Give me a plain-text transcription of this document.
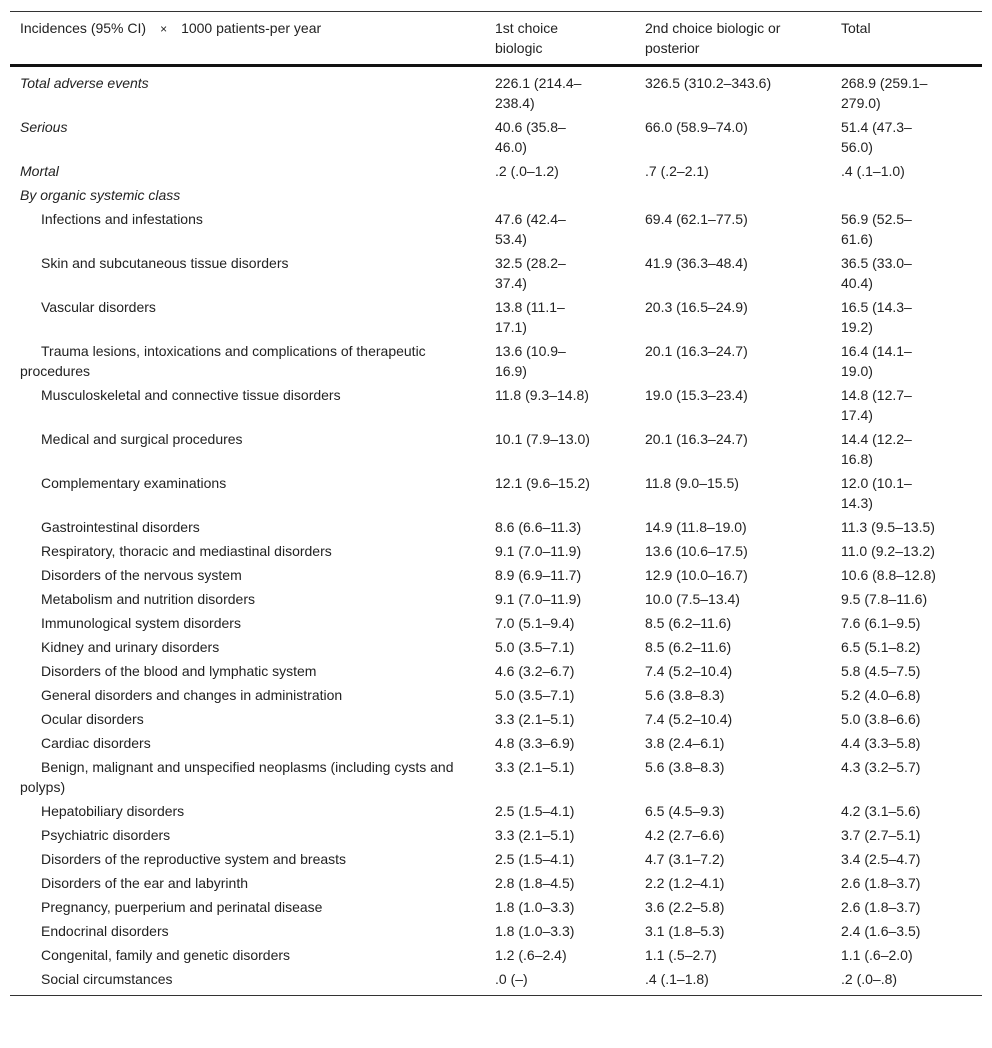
Incidences (95% CI) × 1000 patients-per year	1st choice biologic	2nd choice biologic or posterior	Total
Total adverse events	226.1 (214.4–238.4)	326.5 (310.2–343.6)	268.9 (259.1–279.0)
Serious	40.6 (35.8–46.0)	66.0 (58.9–74.0)	51.4 (47.3–56.0)
Mortal	.2 (.0–1.2)	.7 (.2–2.1)	.4 (.1–1.0)
By organic systemic class			
Infections and infestations	47.6 (42.4–53.4)	69.4 (62.1–77.5)	56.9 (52.5–61.6)
Skin and subcutaneous tissue disorders	32.5 (28.2–37.4)	41.9 (36.3–48.4)	36.5 (33.0–40.4)
Vascular disorders	13.8 (11.1–17.1)	20.3 (16.5–24.9)	16.5 (14.3–19.2)
Trauma lesions, intoxications and complications of therapeutic procedures	13.6 (10.9–16.9)	20.1 (16.3–24.7)	16.4 (14.1–19.0)
Musculoskeletal and connective tissue disorders	11.8 (9.3–14.8)	19.0 (15.3–23.4)	14.8 (12.7–17.4)
Medical and surgical procedures	10.1 (7.9–13.0)	20.1 (16.3–24.7)	14.4 (12.2–16.8)
Complementary examinations	12.1 (9.6–15.2)	11.8 (9.0–15.5)	12.0 (10.1–14.3)
Gastrointestinal disorders	8.6 (6.6–11.3)	14.9 (11.8–19.0)	11.3 (9.5–13.5)
Respiratory, thoracic and mediastinal disorders	9.1 (7.0–11.9)	13.6 (10.6–17.5)	11.0 (9.2–13.2)
Disorders of the nervous system	8.9 (6.9–11.7)	12.9 (10.0–16.7)	10.6 (8.8–12.8)
Metabolism and nutrition disorders	9.1 (7.0–11.9)	10.0 (7.5–13.4)	9.5 (7.8–11.6)
Immunological system disorders	7.0 (5.1–9.4)	8.5 (6.2–11.6)	7.6 (6.1–9.5)
Kidney and urinary disorders	5.0 (3.5–7.1)	8.5 (6.2–11.6)	6.5 (5.1–8.2)
Disorders of the blood and lymphatic system	4.6 (3.2–6.7)	7.4 (5.2–10.4)	5.8 (4.5–7.5)
General disorders and changes in administration	5.0 (3.5–7.1)	5.6 (3.8–8.3)	5.2 (4.0–6.8)
Ocular disorders	3.3 (2.1–5.1)	7.4 (5.2–10.4)	5.0 (3.8–6.6)
Cardiac disorders	4.8 (3.3–6.9)	3.8 (2.4–6.1)	4.4 (3.3–5.8)
Benign, malignant and unspecified neoplasms (including cysts and polyps)	3.3 (2.1–5.1)	5.6 (3.8–8.3)	4.3 (3.2–5.7)
Hepatobiliary disorders	2.5 (1.5–4.1)	6.5 (4.5–9.3)	4.2 (3.1–5.6)
Psychiatric disorders	3.3 (2.1–5.1)	4.2 (2.7–6.6)	3.7 (2.7–5.1)
Disorders of the reproductive system and breasts	2.5 (1.5–4.1)	4.7 (3.1–7.2)	3.4 (2.5–4.7)
Disorders of the ear and labyrinth	2.8 (1.8–4.5)	2.2 (1.2–4.1)	2.6 (1.8–3.7)
Pregnancy, puerperium and perinatal disease	1.8 (1.0–3.3)	3.6 (2.2–5.8)	2.6 (1.8–3.7)
Endocrinal disorders	1.8 (1.0–3.3)	3.1 (1.8–5.3)	2.4 (1.6–3.5)
Congenital, family and genetic disorders	1.2 (.6–2.4)	1.1 (.5–2.7)	1.1 (.6–2.0)
Social circumstances	.0 (–)	.4 (.1–1.8)	.2 (.0–.8)
